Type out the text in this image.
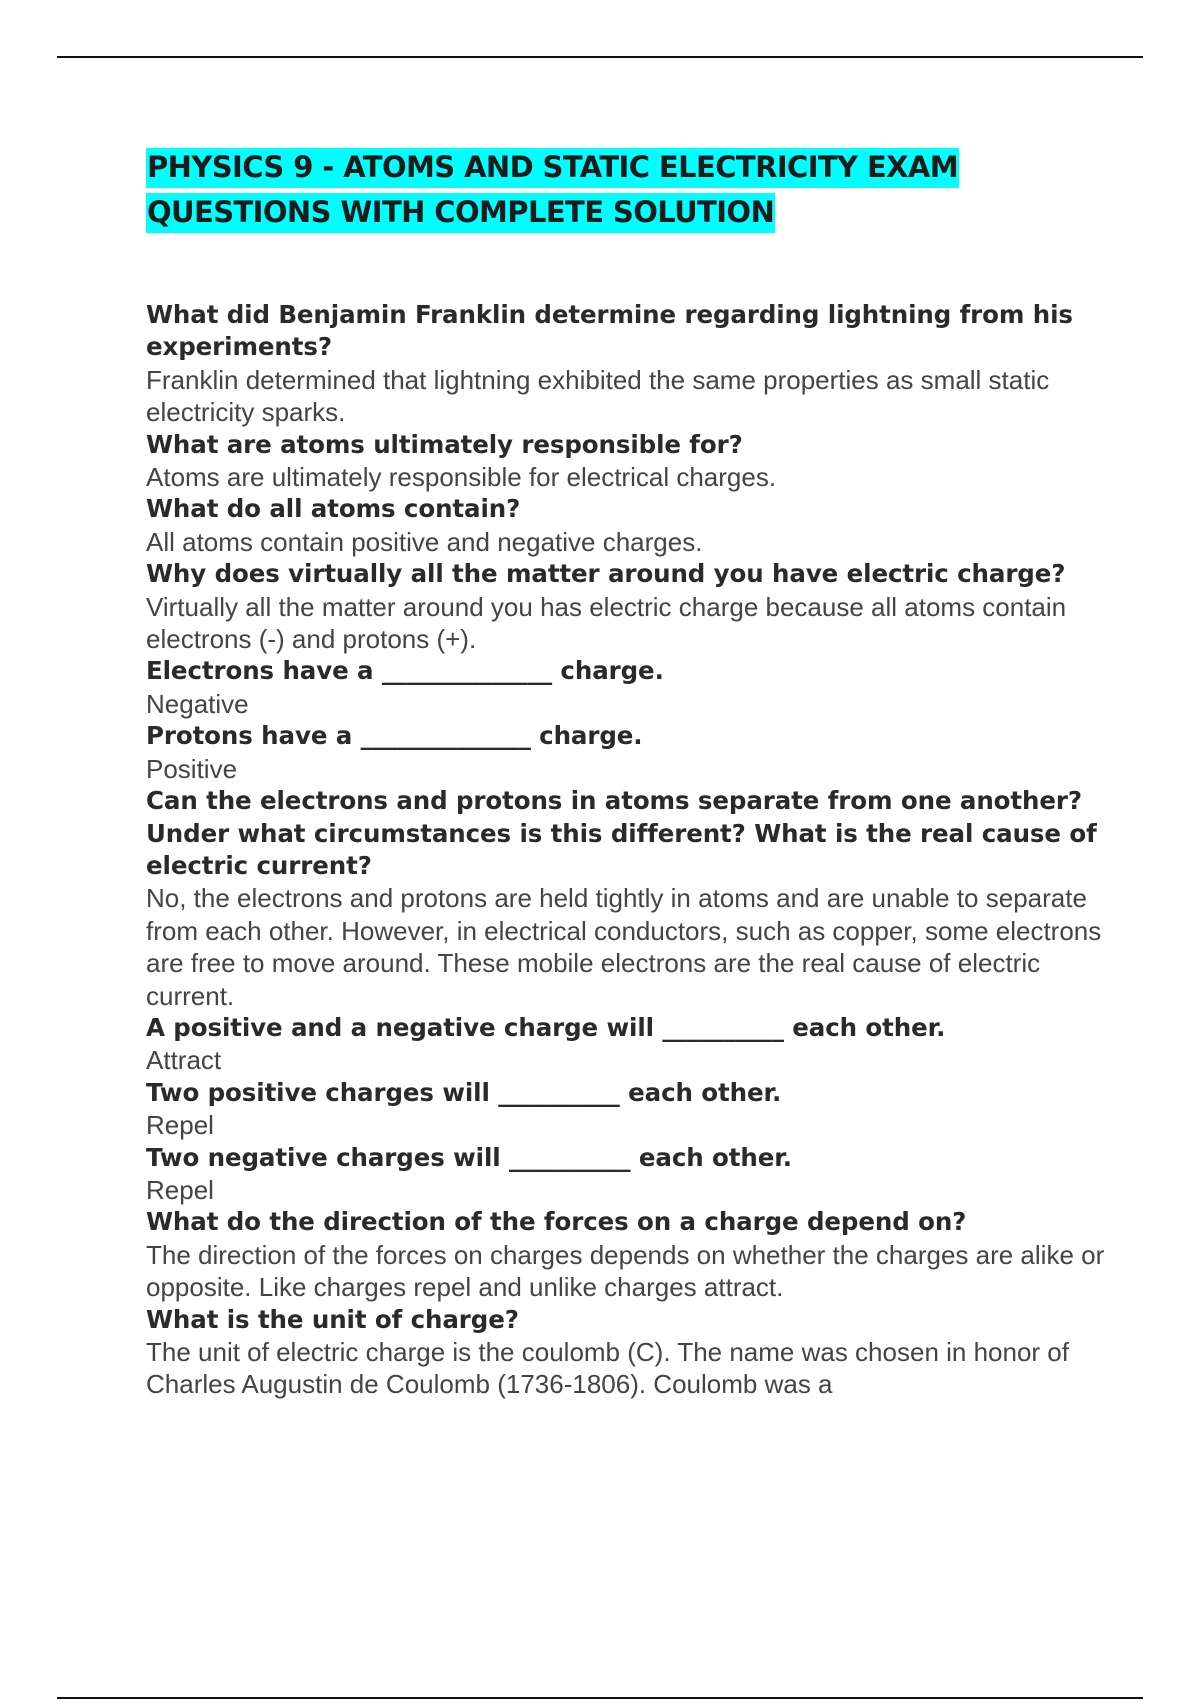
PHYSICS 9 - ATOMS AND STATIC ELECTRICITY EXAM
QUESTIONS WITH COMPLETE SOLUTION

What did Benjamin Franklin determine regarding lightning from his experiments?

Franklin determined that lightning exhibited the same properties as small static electricity sparks.

What are atoms ultimately responsible for?

Atoms are ultimately responsible for electrical charges.

What do all atoms contain?

All atoms contain positive and negative charges.

Why does virtually all the matter around you have electric charge?

Virtually all the matter around you has electric charge because all atoms contain electrons (-) and protons (+).

Electrons have a ______________ charge.

Negative

Protons have a ______________ charge.

Positive

Can the electrons and protons in atoms separate from one another? Under what circumstances is this different? What is the real cause of electric current?

No, the electrons and protons are held tightly in atoms and are unable to separate from each other. However, in electrical conductors, such as copper, some electrons are free to move around. These mobile electrons are the real cause of electric current.

A positive and a negative charge will __________ each other.

Attract

Two positive charges will __________ each other.

Repel

Two negative charges will __________ each other.

Repel

What do the direction of the forces on a charge depend on?

The direction of the forces on charges depends on whether the charges are alike or opposite. Like charges repel and unlike charges attract.

What is the unit of charge?

The unit of electric charge is the coulomb (C). The name was chosen in honor of Charles Augustin de Coulomb (1736-1806). Coulomb was a
